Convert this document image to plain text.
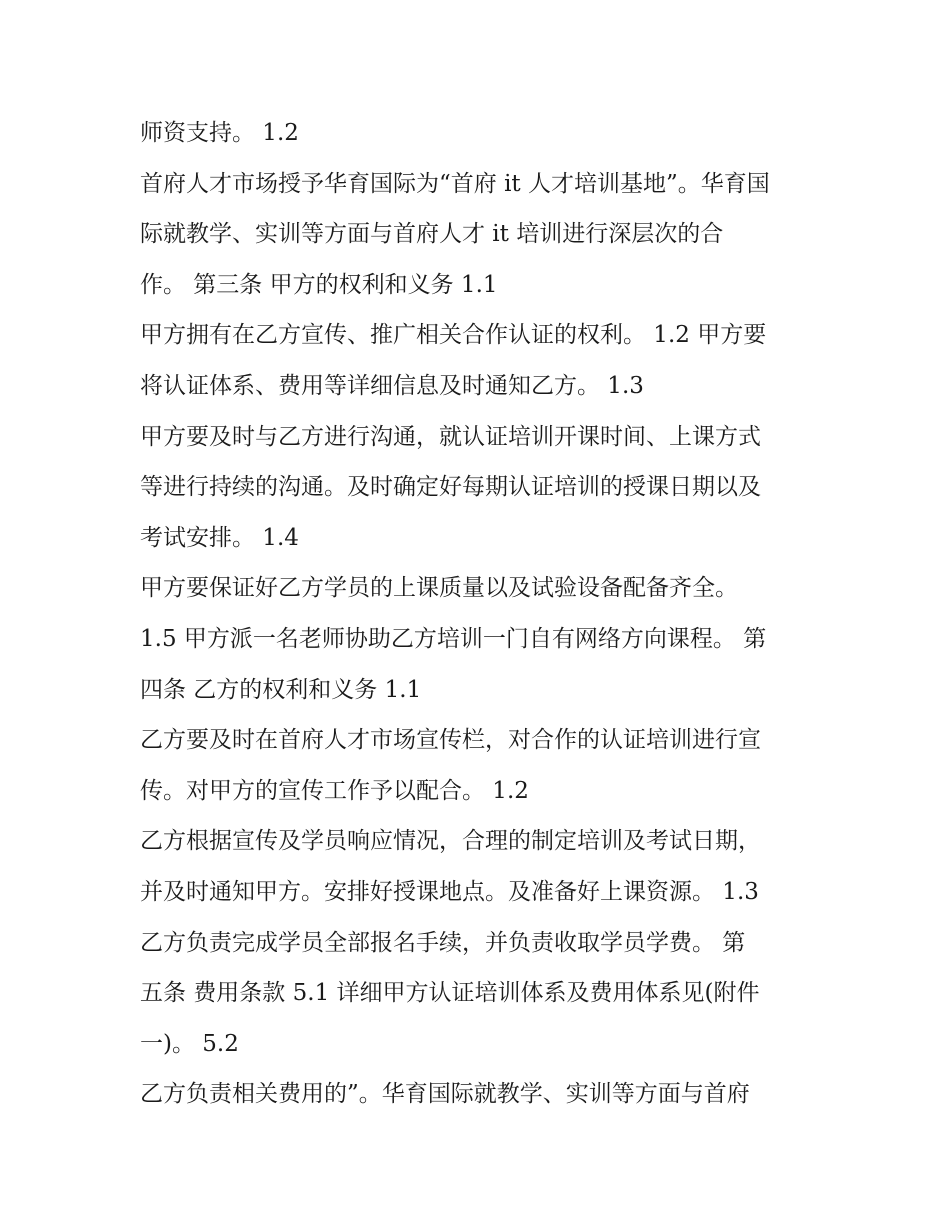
师资支持。 1.2
首府人才市场授予华育国际为“首府 it 人才培训基地”。华育国
际就教学、实训等方面与首府人才 it 培训进行深层次的合
作。 第三条 甲方的权利和义务 1.1
甲方拥有在乙方宣传、推广相关合作认证的权利。 1.2 甲方要
将认证体系、费用等详细信息及时通知乙方。 1.3
甲方要及时与乙方进行沟通，就认证培训开课时间、上课方式
等进行持续的沟通。及时确定好每期认证培训的授课日期以及
考试安排。 1.4
甲方要保证好乙方学员的上课质量以及试验设备配备齐全。
1.5 甲方派一名老师协助乙方培训一门自有网络方向课程。 第
四条 乙方的权利和义务 1.1
乙方要及时在首府人才市场宣传栏，对合作的认证培训进行宣
传。对甲方的宣传工作予以配合。 1.2
乙方根据宣传及学员响应情况，合理的制定培训及考试日期，
并及时通知甲方。安排好授课地点。及准备好上课资源。 1.3
乙方负责完成学员全部报名手续，并负责收取学员学费。 第
五条 费用条款 5.1 详细甲方认证培训体系及费用体系见(附件
一)。 5.2
乙方负责相关费用的”。华育国际就教学、实训等方面与首府
